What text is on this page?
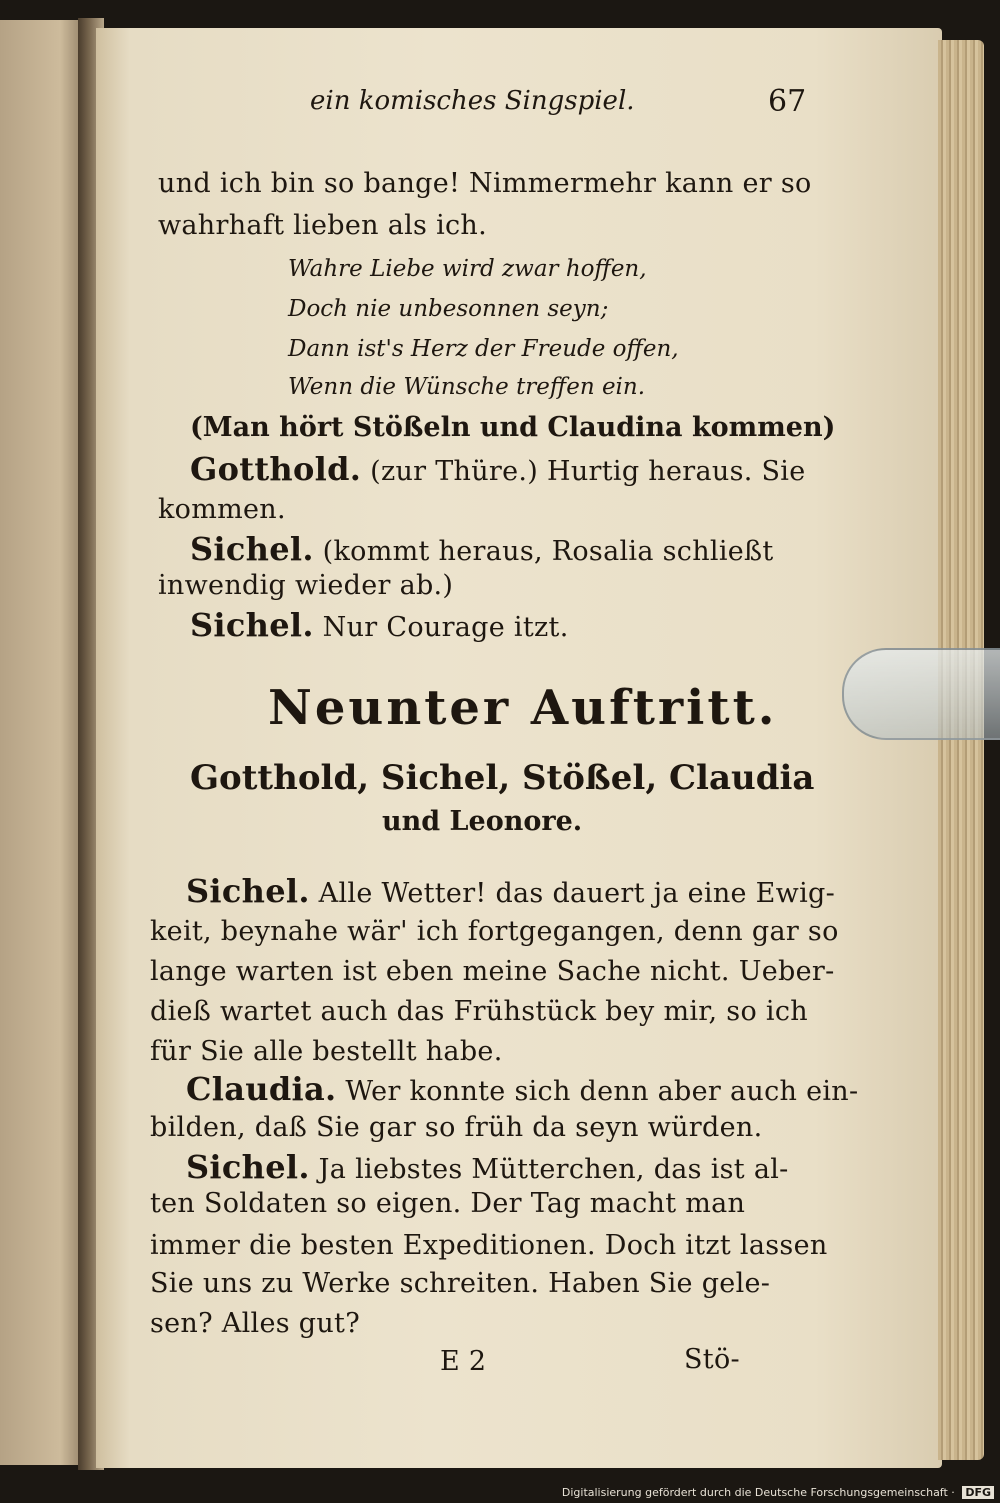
ein komisches Singspiel.	67
und ich bin so bange! Nimmermehr kann er so
wahrhaft lieben als ich.
Wahre Liebe wird zwar hoffen,
Doch nie unbesonnen seyn;
Dann ist's Herz der Freude offen,
Wenn die Wünsche treffen ein.
(Man hört Stößeln und Claudina kommen)
Gotthold. (zur Thüre.) Hurtig heraus. Sie
kommen.
Sichel. (kommt heraus, Rosalia schließt
inwendig wieder ab.)
Sichel. Nur Courage itzt.
Neunter Auftritt.
Gotthold, Sichel, Stößel, Claudia
und Leonore.
Sichel. Alle Wetter! das dauert ja eine Ewig-
keit, beynahe wär' ich fortgegangen, denn gar so
lange warten ist eben meine Sache nicht. Ueber-
dieß wartet auch das Frühstück bey mir, so ich
für Sie alle bestellt habe.
Claudia. Wer konnte sich denn aber auch ein-
bilden, daß Sie gar so früh da seyn würden.
Sichel. Ja liebstes Mütterchen, das ist al-
ten Soldaten so eigen. Der Tag macht man
immer die besten Expeditionen. Doch itzt lassen
Sie uns zu Werke schreiten. Haben Sie gele-
sen? Alles gut?
E 2	Stö-
Digitalisierung gefördert durch die Deutsche Forschungsgemeinschaft · DFG
